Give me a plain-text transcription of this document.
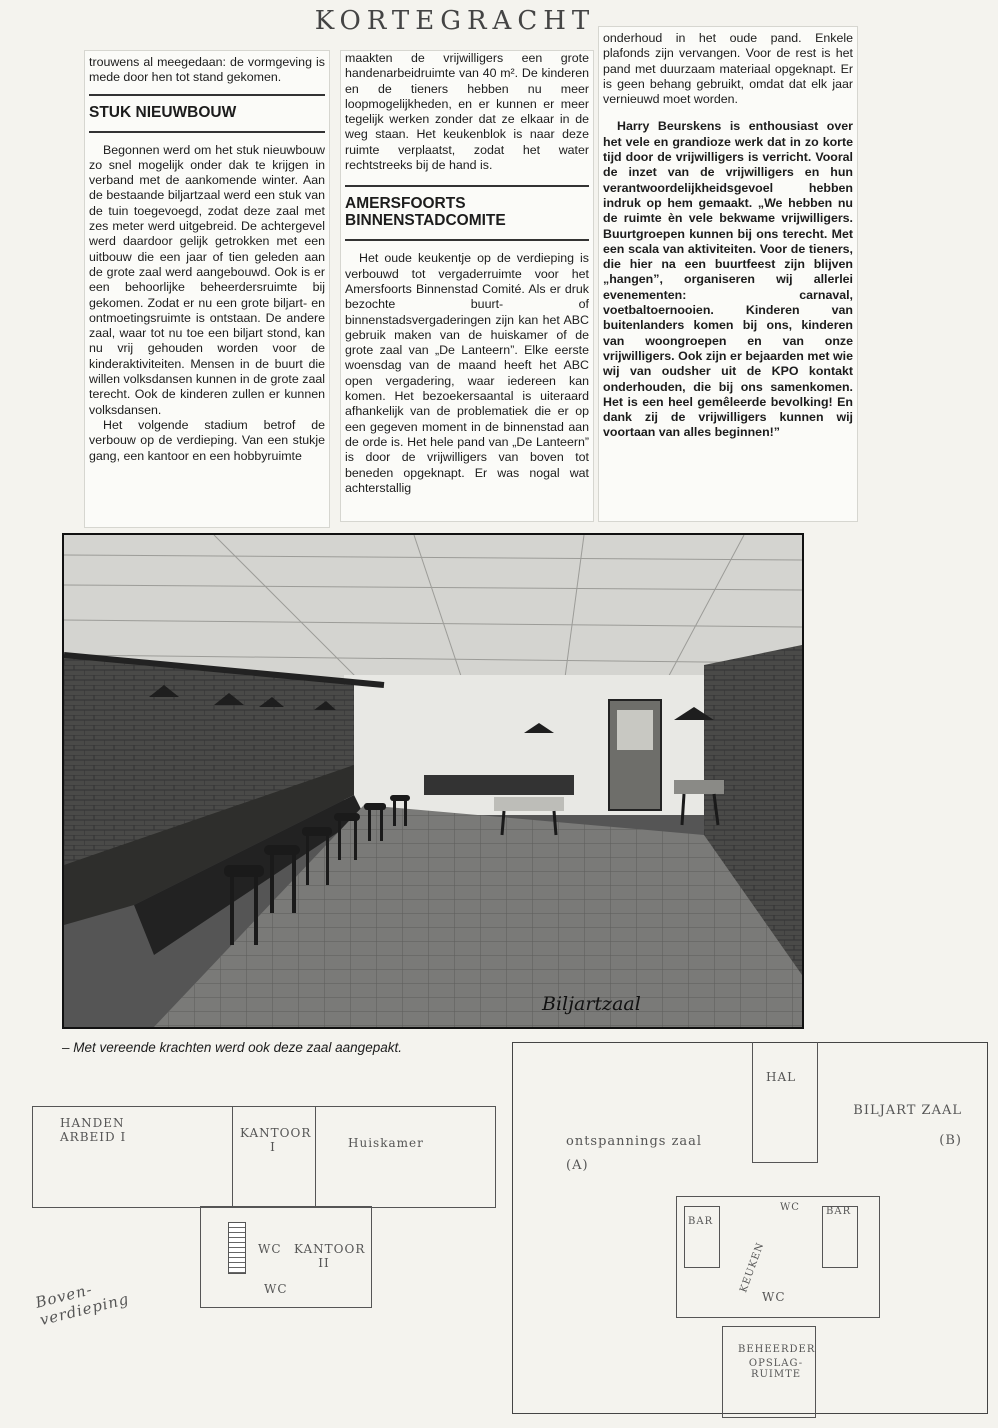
KORTEGRACHT

trouwens al meegedaan: de vormgeving is mede door hen tot stand gekomen.

STUK NIEUWBOUW

Begonnen werd om het stuk nieuwbouw zo snel mogelijk onder dak te krijgen in verband met de aankomende winter. Aan de bestaande biljartzaal werd een stuk van de tuin toegevoegd, zodat deze zaal met zes meter werd uitgebreid. De achtergevel werd daardoor gelijk getrokken met een uitbouw die een jaar of tien geleden aan de grote zaal werd aangebouwd. Ook is er een behoorlijke beheerdersruimte bij gekomen. Zodat er nu een grote biljart- en ontmoetingsruimte is ontstaan. De andere zaal, waar tot nu toe een biljart stond, kan nu vrij gehouden worden voor de kinderaktiviteiten. Mensen in de buurt die willen volksdansen kunnen in de grote zaal terecht. Ook de kinderen zullen er kunnen volksdansen.

Het volgende stadium betrof de verbouw op de verdieping. Van een stukje gang, een kantoor en een hobbyruimte

maakten de vrijwilligers een grote handenarbeidruimte van 40 m². De kinderen en de tieners hebben nu meer loopmogelijkheden, en er kunnen er meer tegelijk werken zonder dat ze elkaar in de weg staan. Het keukenblok is naar deze ruimte verplaatst, zodat het water rechtstreeks bij de hand is.

AMERSFOORTS BINNENSTADCOMITE

Het oude keukentje op de verdieping is verbouwd tot vergaderruimte voor het Amersfoorts Binnenstad Comité. Als er druk bezochte buurt- of binnenstadsvergaderingen zijn kan het ABC gebruik maken van de huiskamer of de grote zaal van „De Lanteern”. Elke eerste woensdag van de maand heeft het ABC open vergadering, waar iedereen kan komen. Het bezoekersaantal is uiteraard afhankelijk van de problematiek die er op een gegeven moment in de binnenstad aan de orde is. Het hele pand van „De Lanteern” is door de vrijwilligers van boven tot beneden opgeknapt. Er was nogal wat achterstallig

onderhoud in het oude pand. Enkele plafonds zijn vervangen. Voor de rest is het pand met duurzaam materiaal opgeknapt. Er is geen behang gebruikt, omdat dat elk jaar vernieuwd moet worden.

Harry Beurskens is enthousiast over het vele en grandioze werk dat in zo korte tijd door de vrijwilligers is verricht. Vooral de inzet van de vrijwilligers en hun verantwoordelijkheidsgevoel hebben indruk op hem gemaakt. „We hebben nu de ruimte èn vele bekwame vrijwilligers. Buurtgroepen kunnen bij ons terecht. Met een scala van aktiviteiten. Voor de tieners, die hier na een buurtfeest zijn blijven „hangen”, organiseren wij allerlei evenementen: carnaval, voetbaltoernooien. Kinderen van buitenlanders komen bij ons, kinderen van woongroepen en van onze vrijwilligers. Ook zijn er bejaarden met wie wij van oudsher uit de KPO kontakt onderhouden, die bij ons samenkomen. Het is een heel gemêleerde bevolking! En dank zij de vrijwilligers kunnen wij voortaan van alles beginnen!”

Biljartzaal
– Met vereende krachten werd ook deze zaal aangepakt.
HANDEN ARBEID I	KANTOOR I	Huiskamer
WC KANTOOR II
WC
Boven-verdieping
HAL
ontspannings zaal (A)
BILJART ZAAL (B)
BAR
BAR
WC
KEUKEN
WC
BEHEERDER
OPSLAG-RUIMTE
